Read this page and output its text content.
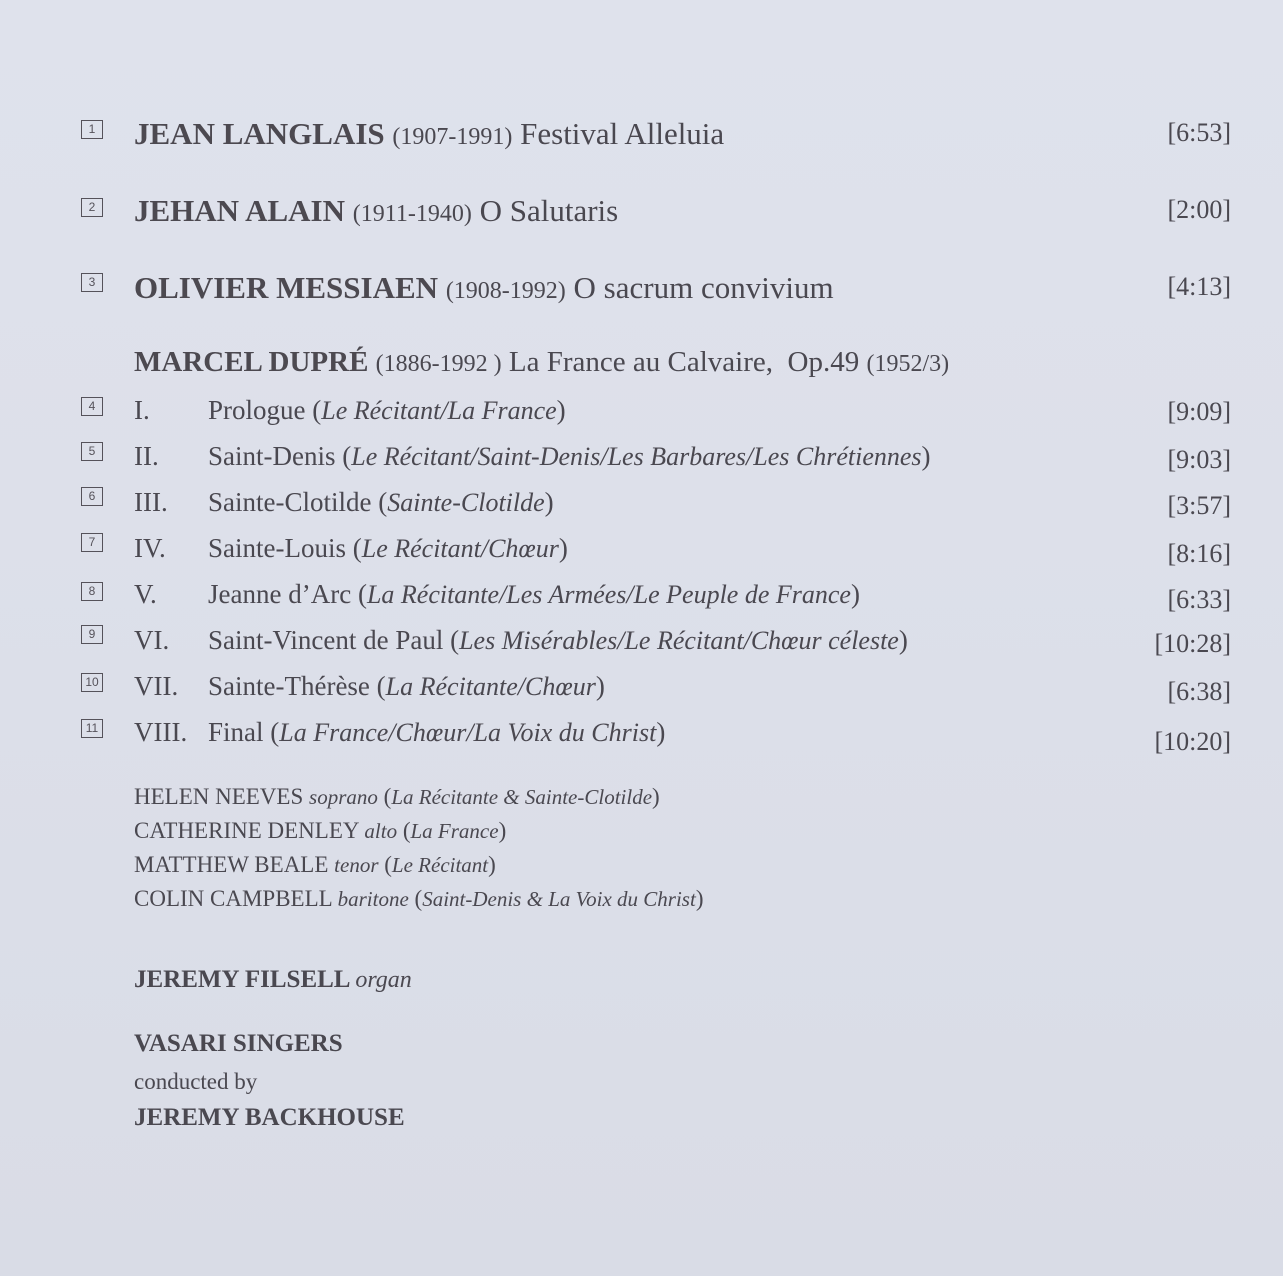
1 JEAN LANGLAIS (1907-1991) Festival Alleluia	[6:53]
2 JEHAN ALAIN (1911-1940) O Salutaris	[2:00]
3 OLIVIER MESSIAEN (1908-1992) O sacrum convivium	[4:13]
MARCEL DUPRÉ (1886-1992 ) La France au Calvaire, Op.49 (1952/3)
4 I. Prologue (Le Récitant/La France)	[9:09]
5 II. Saint-Denis (Le Récitant/Saint-Denis/Les Barbares/Les Chrétiennes)	[9:03]
6 III. Sainte-Clotilde (Sainte-Clotilde)	[3:57]
7 IV. Sainte-Louis (Le Récitant/Chœur)	[8:16]
8 V. Jeanne d’Arc (La Récitante/Les Armées/Le Peuple de France)	[6:33]
9 VI. Saint-Vincent de Paul (Les Misérables/Le Récitant/Chœur céleste)	[10:28]
10 VII. Sainte-Thérèse (La Récitante/Chœur)	[6:38]
11 VIII. Final (La France/Chœur/La Voix du Christ)	[10:20]
HELEN NEEVES soprano (La Récitante & Sainte-Clotilde)
CATHERINE DENLEY alto (La France)
MATTHEW BEALE tenor (Le Récitant)
COLIN CAMPBELL baritone (Saint-Denis & La Voix du Christ)
JEREMY FILSELL organ
VASARI SINGERS
conducted by
JEREMY BACKHOUSE
